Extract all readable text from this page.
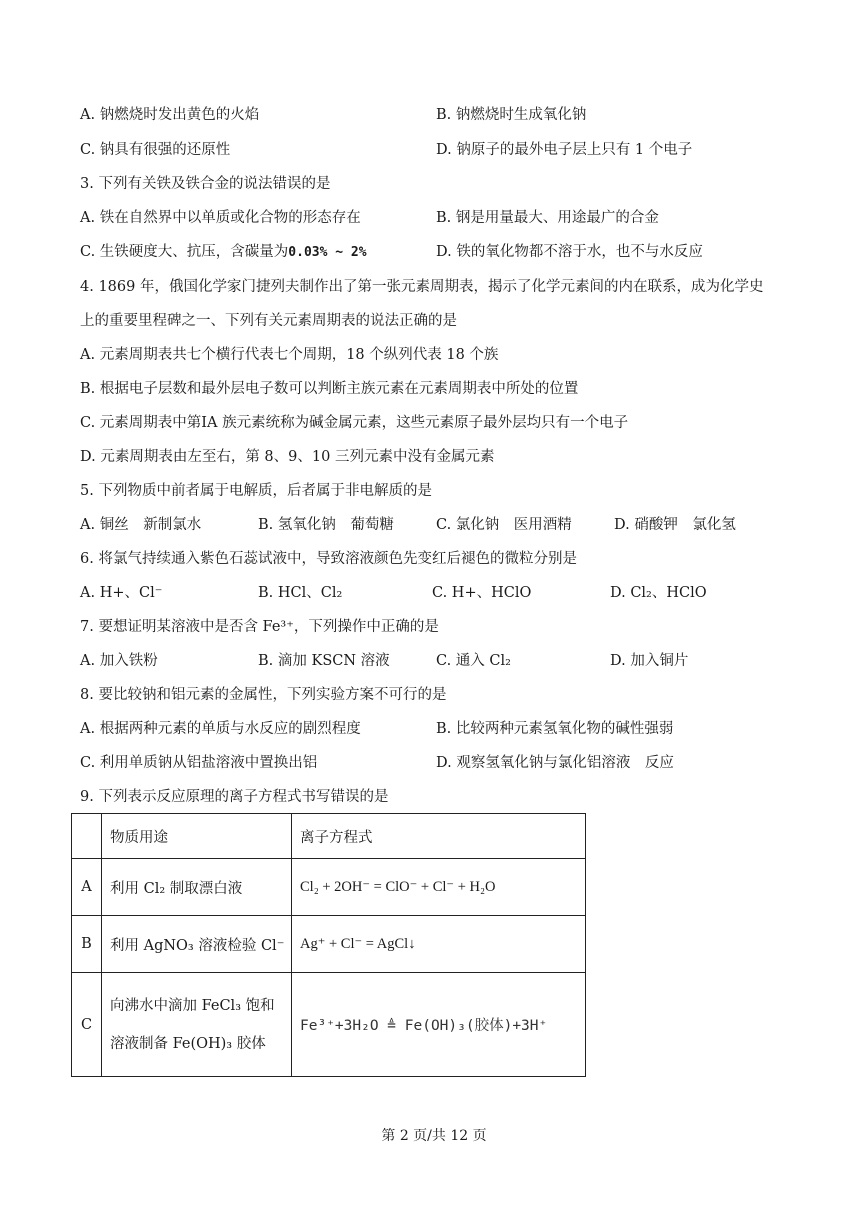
A. 钠燃烧时发出黄色的火焰	B. 钠燃烧时生成氧化钠
C. 钠具有很强的还原性	D. 钠原子的最外电子层上只有 1 个电子
3. 下列有关铁及铁合金的说法错误的是
A. 铁在自然界中以单质或化合物的形态存在	B. 钢是用量最大、用途最广的合金
C. 生铁硬度大、抗压，含碳量为0.03% ~ 2%	D. 铁的氧化物都不溶于水，也不与水反应
4. 1869 年，俄国化学家门捷列夫制作出了第一张元素周期表，揭示了化学元素间的内在联系，成为化学史
上的重要里程碑之一、下列有关元素周期表的说法正确的是
A. 元素周期表共七个横行代表七个周期，18 个纵列代表 18 个族
B. 根据电子层数和最外层电子数可以判断主族元素在元素周期表中所处的位置
C. 元素周期表中第ⅠA 族元素统称为碱金属元素，这些元素原子最外层均只有一个电子
D. 元素周期表由左至右，第 8、9、10 三列元素中没有金属元素
5. 下列物质中前者属于电解质，后者属于非电解质的是
A. 铜丝　新制氯水	B. 氢氧化钠　葡萄糖	C. 氯化钠　医用酒精	D. 硝酸钾　氯化氢
6. 将氯气持续通入紫色石蕊试液中，导致溶液颜色先变红后褪色的微粒分别是
A. H+、Cl⁻	B. HCl、Cl₂	C. H+、HClO	D. Cl₂、HClO
7. 要想证明某溶液中是否含 Fe³⁺，下列操作中正确的是
A. 加入铁粉	B. 滴加 KSCN 溶液	C. 通入 Cl₂	D. 加入铜片
8. 要比较钠和铝元素的金属性，下列实验方案不可行的是
A. 根据两种元素的单质与水反应的剧烈程度	B. 比较两种元素氢氧化物的碱性强弱
C. 利用单质钠从铝盐溶液中置换出铝	D. 观察氢氧化钠与氯化铝溶液　反应
9. 下列表示反应原理的离子方程式书写错误的是
	物质用途	离子方程式
A	利用 Cl₂ 制取漂白液	Cl₂ + 2OH⁻ = ClO⁻ + Cl⁻ + H₂O
B	利用 AgNO₃ 溶液检验 Cl⁻	Ag⁺ + Cl⁻ = AgCl↓
C	向沸水中滴加 FeCl₃ 饱和
溶液制备 Fe(OH)₃ 胶体	Fe³⁺+3H₂O ≜ Fe(OH)₃(胶体)+3H⁺
第 2 页/共 12 页
